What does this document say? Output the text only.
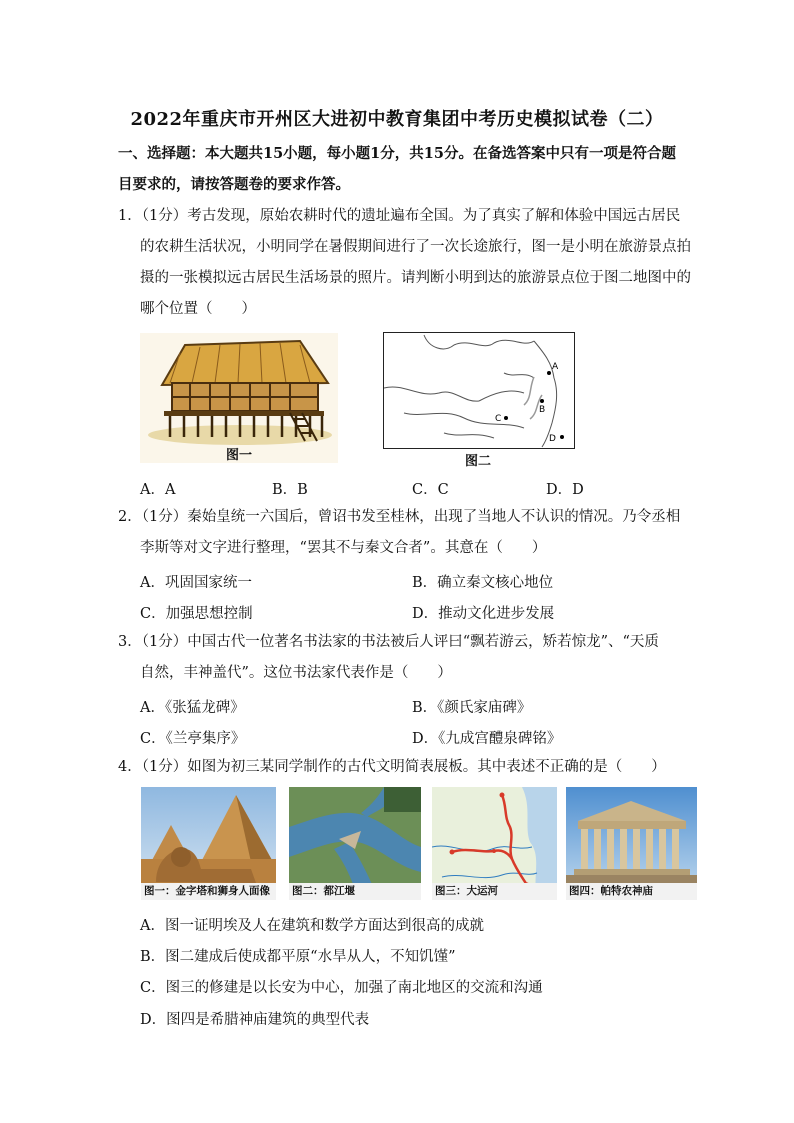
2022年重庆市开州区大进初中教育集团中考历史模拟试卷（二）
一、选择题：本大题共15小题，每小题1分，共15分。在备选答案中只有一项是符合题
目要求的，请按答题卷的要求作答。
1．（1分）考古发现，原始农耕时代的遗址遍布全国。为了真实了解和体验中国远古居民
的农耕生活状况，小明同学在暑假期间进行了一次长途旅行，图一是小明在旅游景点拍
摄的一张模拟远古居民生活场景的照片。请判断小明到达的旅游景点位于图二地图中的
哪个位置（　　）
图一
A
B
C
D
图二
A．A	B．B	C．C	D．D
2．（1分）秦始皇统一六国后，曾诏书发至桂林，出现了当地人不认识的情况。乃令丞相
李斯等对文字进行整理，“罢其不与秦文合者”。其意在（　　）
A．巩固国家统一	B．确立秦文核心地位
C．加强思想控制	D．推动文化进步发展
3．（1分）中国古代一位著名书法家的书法被后人评曰“飘若游云，矫若惊龙”、“天质
自然，丰神盖代”。这位书法家代表作是（　　）
A．《张猛龙碑》	B．《颜氏家庙碑》
C．《兰亭集序》	D．《九成宫醴泉碑铭》
4．（1分）如图为初三某同学制作的古代文明简表展板。其中表述不正确的是（　　）
图一：金字塔和狮身人面像	图二：都江堰	图三：大运河	图四：帕特农神庙
A．图一证明埃及人在建筑和数学方面达到很高的成就
B．图二建成后使成都平原“水旱从人，不知饥馑”
C．图三的修建是以长安为中心，加强了南北地区的交流和沟通
D．图四是希腊神庙建筑的典型代表
